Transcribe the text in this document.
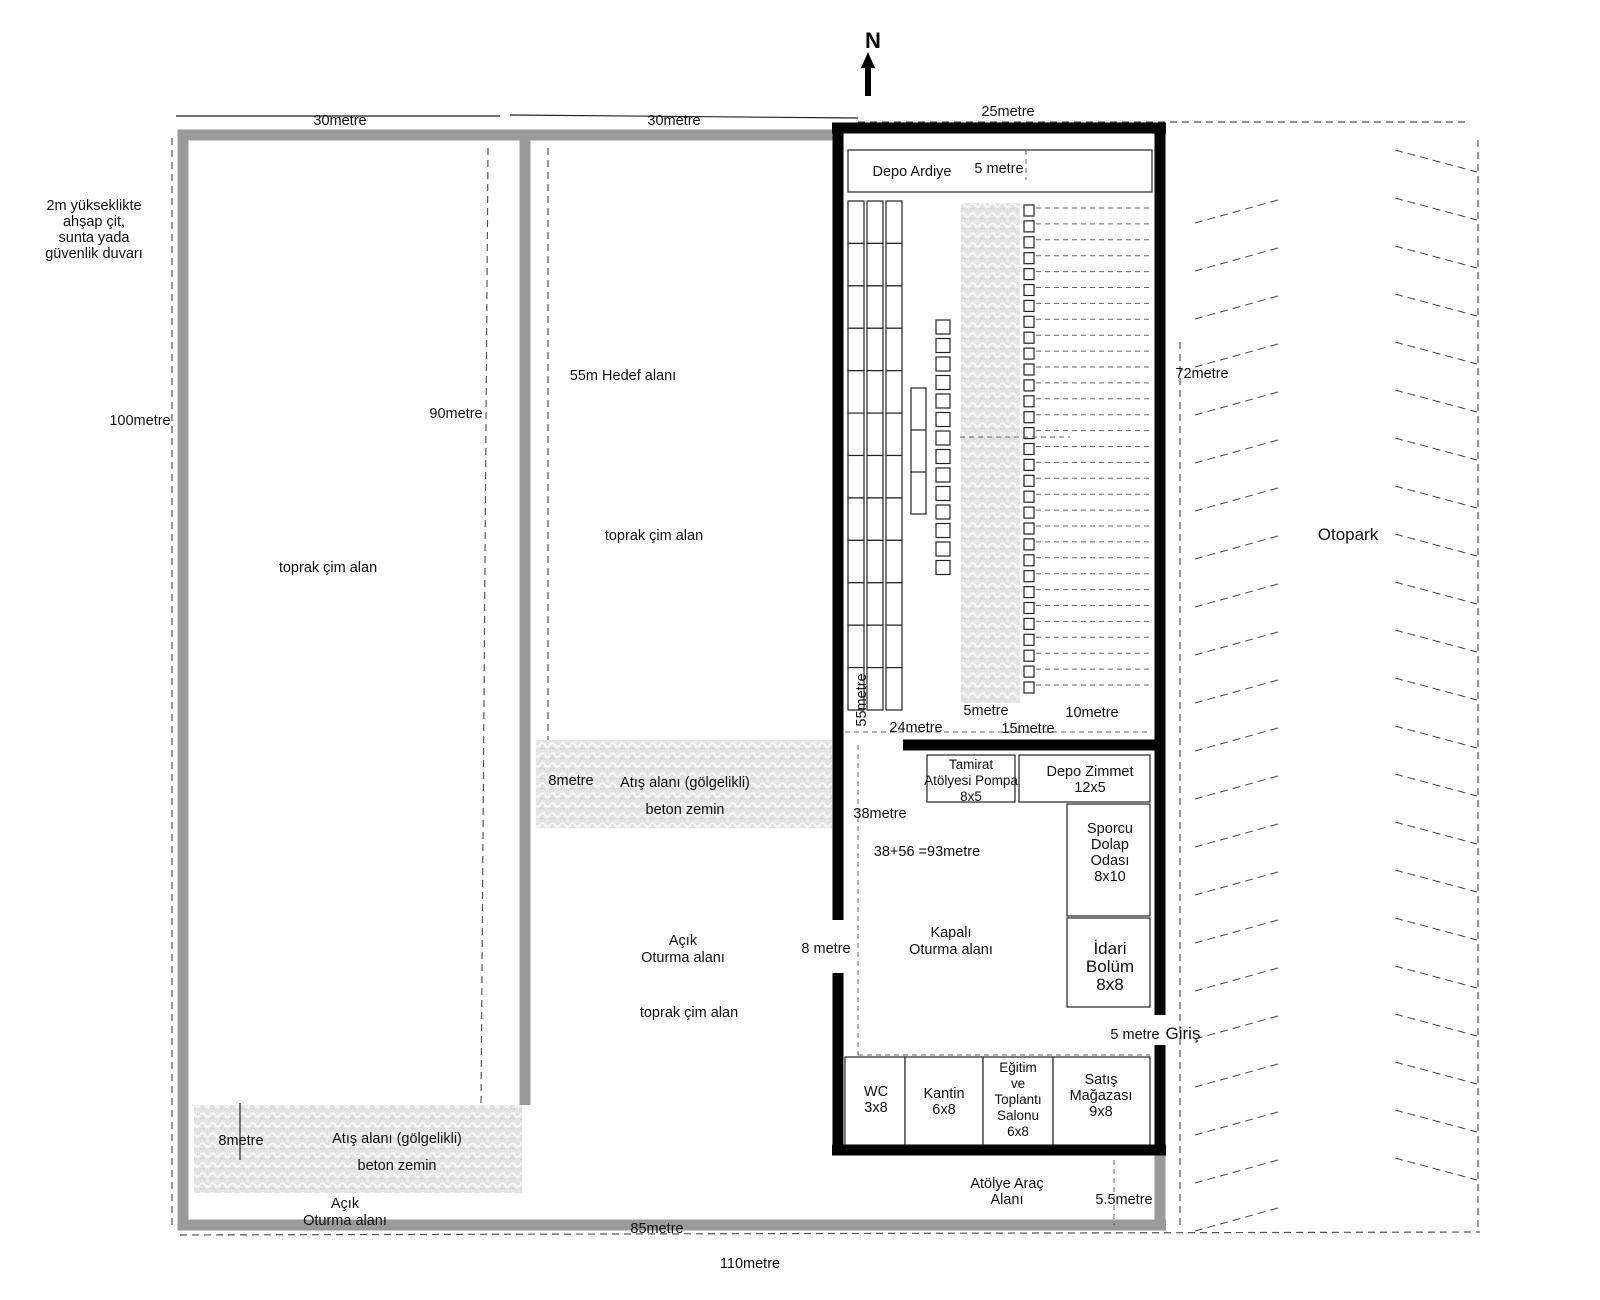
N
2m yükseklikte
ahşap çit,
sunta yada
güvenlik duvarı
30metre	30metre
25metre
100metre	90metre
72metre
110metre
85metre
55m Hedef alanı
toprak çim alan
toprak çim alan
toprak çim alan
8metre Atış alanı (gölgelikli)
beton zemin
8metre	Atış alanı (gölgelikli)
beton zemin
Açık
Oturma alanı
Açık
Oturma alanı
Kapalı
Oturma alanı
Otopark
Giriş
Atölye Araç
Alanı
5 metre
55metre
24metre
5metre	10metre
15metre
38metre
38+56 =93metre
8 metre
5 metre
5.5metre
Depo Ardiye
Tamirat
Atölyesi Pompa
8x5
Depo Zimmet
12x5
Sporcu
Dolap
Odası
8x10
İdari
Bolüm
8x8
WC
3x8
Kantin
6x8
Eğitim
ve
Toplantı
Salonu
6x8
Satış
Mağazası
9x8
